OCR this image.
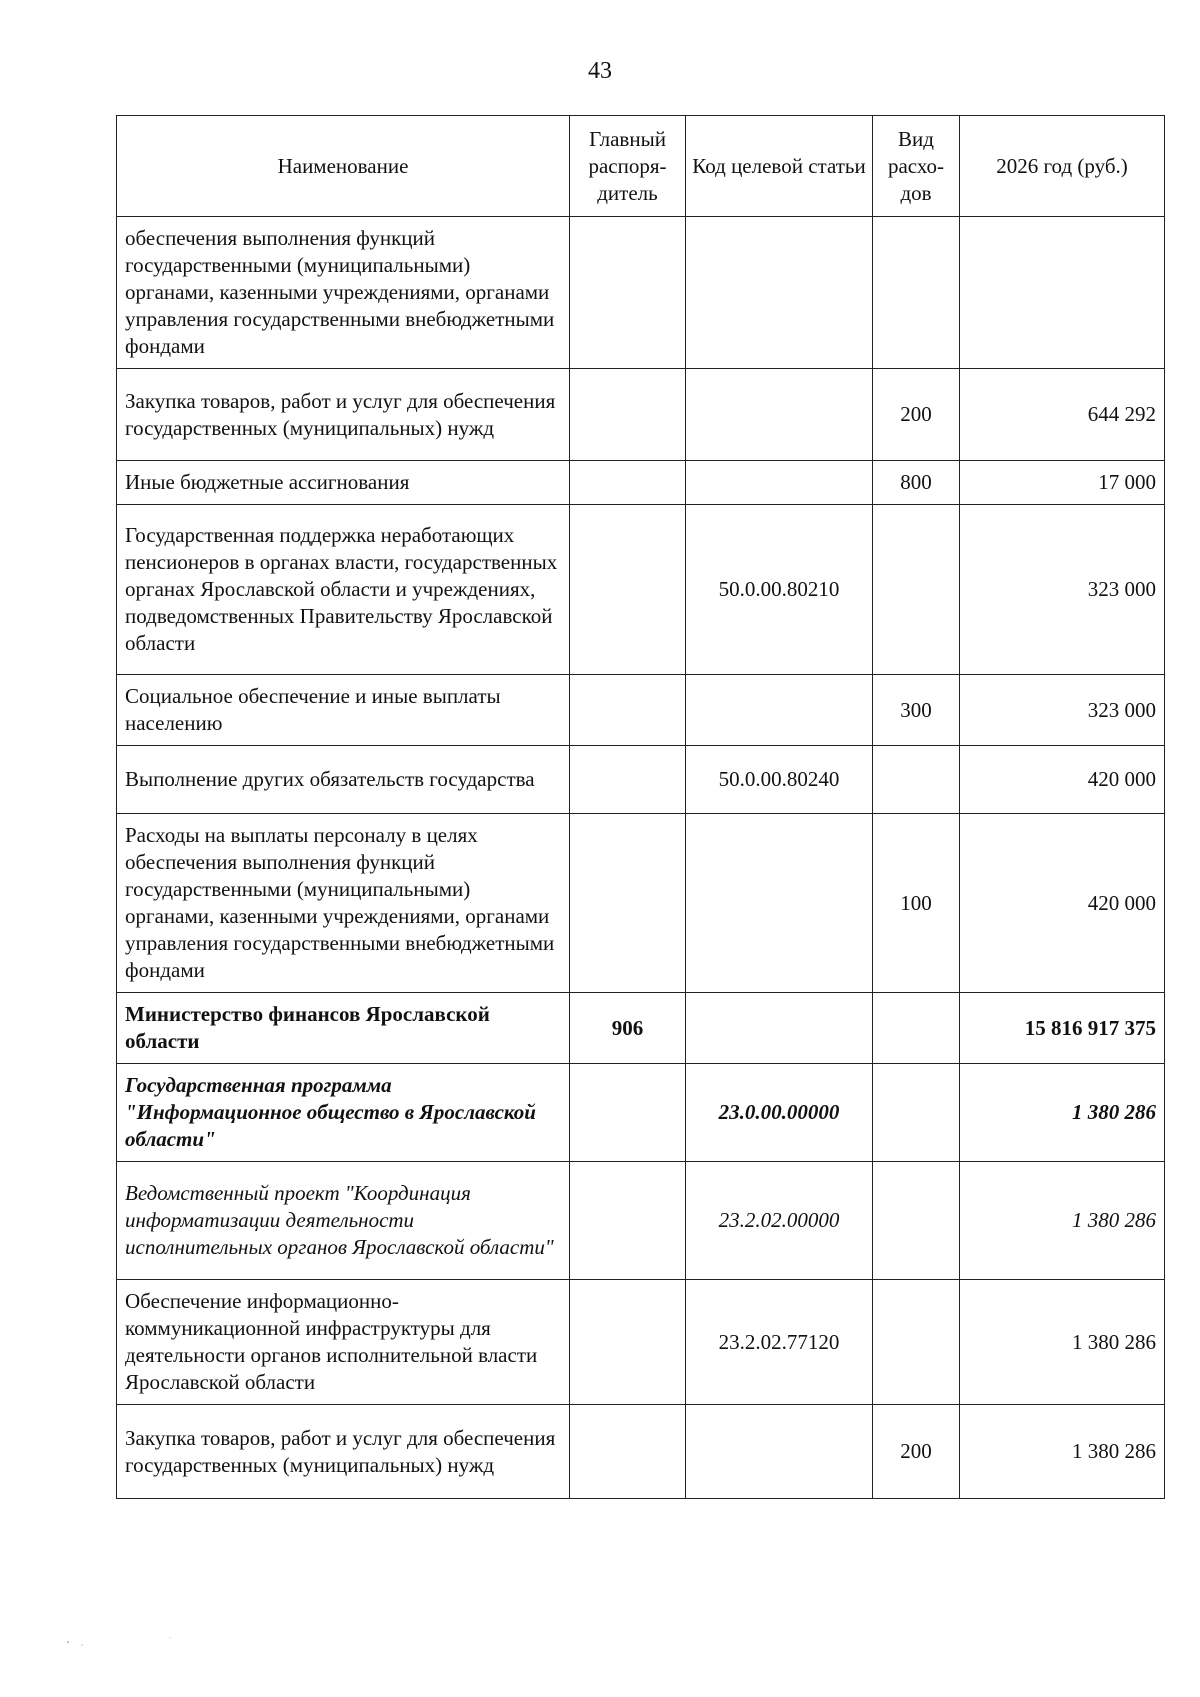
43
Наименование	Главный распоря-дитель	Код целевой статьи	Вид расхо-дов	2026 год (руб.)
обеспечения выполнения функций государственными (муниципальными) органами, казенными учреждениями, органами управления государственными внебюджетными фондами				
Закупка товаров, работ и услуг для обеспечения государственных (муниципальных) нужд			200	644 292
Иные бюджетные ассигнования			800	17 000
Государственная поддержка неработающих пенсионеров в органах власти, государственных органах Ярославской области и учреждениях, подведомственных Правительству Ярославской области		50.0.00.80210		323 000
Социальное обеспечение и иные выплаты населению			300	323 000
Выполнение других обязательств государства		50.0.00.80240		420 000
Расходы на выплаты персоналу в целях обеспечения выполнения функций государственными (муниципальными) органами, казенными учреждениями, органами управления государственными внебюджетными фондами			100	420 000
Министерство финансов Ярославской области	906			15 816 917 375
Государственная программа "Информационное общество в Ярославской области"		23.0.00.00000		1 380 286
Ведомственный проект "Координация информатизации деятельности исполнительных органов Ярославской области"		23.2.02.00000		1 380 286
Обеспечение информационно-коммуникационной инфраструктуры для деятельности органов исполнительной власти Ярославской области		23.2.02.77120		1 380 286
Закупка товаров, работ и услуг для обеспечения государственных (муниципальных) нужд			200	1 380 286
